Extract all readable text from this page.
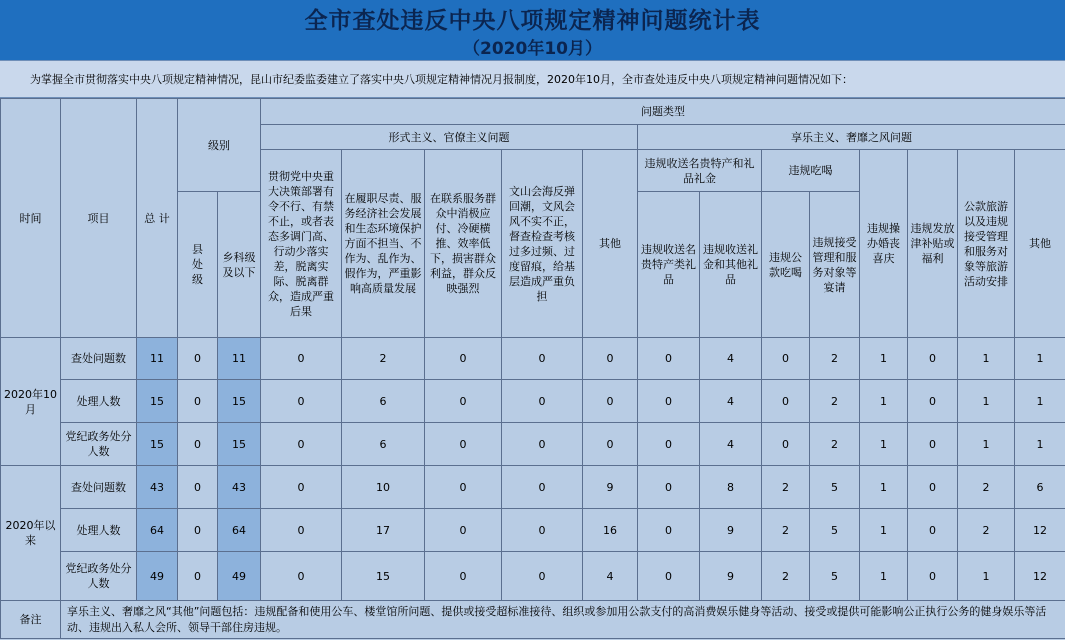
全市查处违反中央八项规定精神问题统计表
（2020年10月）
为掌握全市贯彻落实中央八项规定精神情况，昆山市纪委监委建立了落实中央八项规定精神情况月报制度，2020年10月，全市查处违反中央八项规定精神问题情况如下：
时间	项目	总 计	级别		问题类型												
					形式主义、官僚主义问题					享乐主义、奢靡之风问题							
					贯彻党中央重大决策部署有令不行、有禁不止，或者表态多调门高、行动少落实差，脱离实际、脱离群众，造成严重后果	在履职尽责、服务经济社会发展和生态环境保护方面不担当、不作为、乱作为、假作为，严重影响高质量发展	在联系服务群众中消极应付、冷硬横推、效率低下，损害群众利益，群众反映强烈	文山会海反弹回潮，文风会风不实不正，督查检查考核过多过频、过度留痕，给基层造成严重负担	其他	违规收送名贵特产和礼品礼金		违规吃喝		违规操办婚丧喜庆	违规发放津补贴或福利	公款旅游以及违规接受管理和服务对象等旅游活动安排	其他
			县 处 级	乡科级及以下						违规收送名贵特产类礼品	违规收送礼金和其他礼品	违规公款吃喝	违规接受管理和服务对象等宴请				
2020年10月	查处问题数	11	0	11	0	2	0	0	0	0	4	0	2	1	0	1	1
	处理人数	15	0	15	0	6	0	0	0	0	4	0	2	1	0	1	1
	党纪政务处分人数	15	0	15	0	6	0	0	0	0	4	0	2	1	0	1	1
2020年以来	查处问题数	43	0	43	0	10	0	0	9	0	8	2	5	1	0	2	6
	处理人数	64	0	64	0	17	0	0	16	0	9	2	5	1	0	2	12
	党纪政务处分人数	49	0	49	0	15	0	0	4	0	9	2	5	1	0	1	12
备注	享乐主义、奢靡之风“其他”问题包括：违规配备和使用公车、楼堂馆所问题、提供或接受超标准接待、组织或参加用公款支付的高消费娱乐健身等活动、接受或提供可能影响公正执行公务的健身娱乐等活动、违规出入私人会所、领导干部住房违规。																
